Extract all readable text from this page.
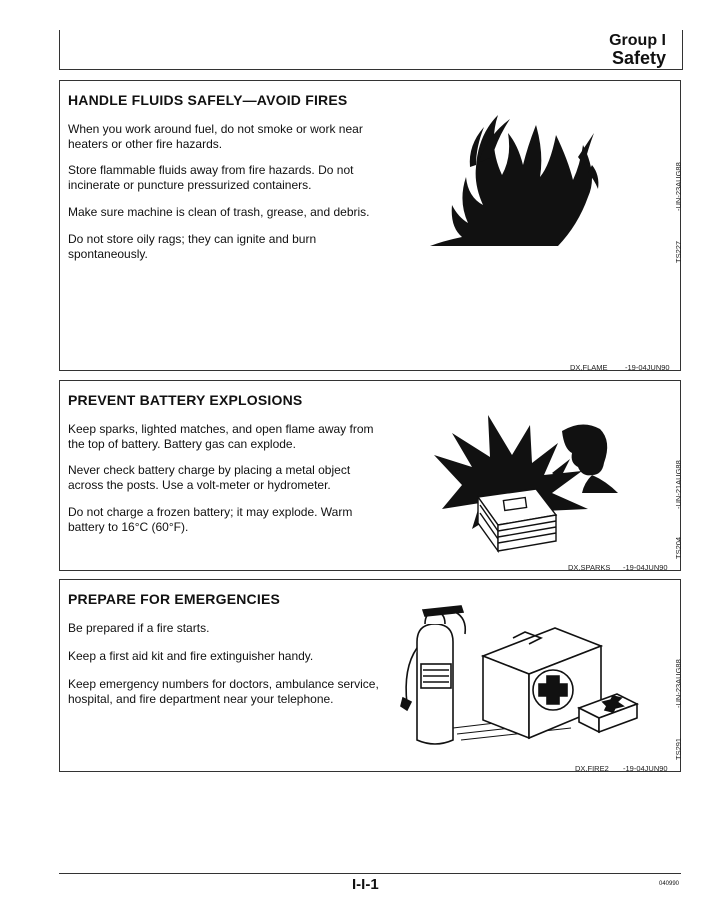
Group I
Safety
HANDLE FLUIDS SAFELY—AVOID FIRES

When you work around fuel, do not smoke or work near heaters or other fire hazards.

Store flammable fluids away from fire hazards. Do not incinerate or puncture pressurized containers.

Make sure machine is clean of trash, grease, and debris.

Do not store oily rags; they can ignite and burn spontaneously.

-UN-23AUG88
TS227
DX,FLAME -19-04JUN90
PREVENT BATTERY EXPLOSIONS

Keep sparks, lighted matches, and open flame away from the top of battery. Battery gas can explode.

Never check battery charge by placing a metal object across the posts. Use a volt-meter or hydrometer.

Do not charge a frozen battery; it may explode. Warm battery to 16°C (60°F).

-UN-21AUG88
TS204
DX,SPARKS -19-04JUN90
PREPARE FOR EMERGENCIES

Be prepared if a fire starts.

Keep a first aid kit and fire extinguisher handy.

Keep emergency numbers for doctors, ambulance service, hospital, and fire department near your telephone.	-UN-23AUG88
TS291
DX,FIRE2 -19-04JUN90
I-I-1	040990
